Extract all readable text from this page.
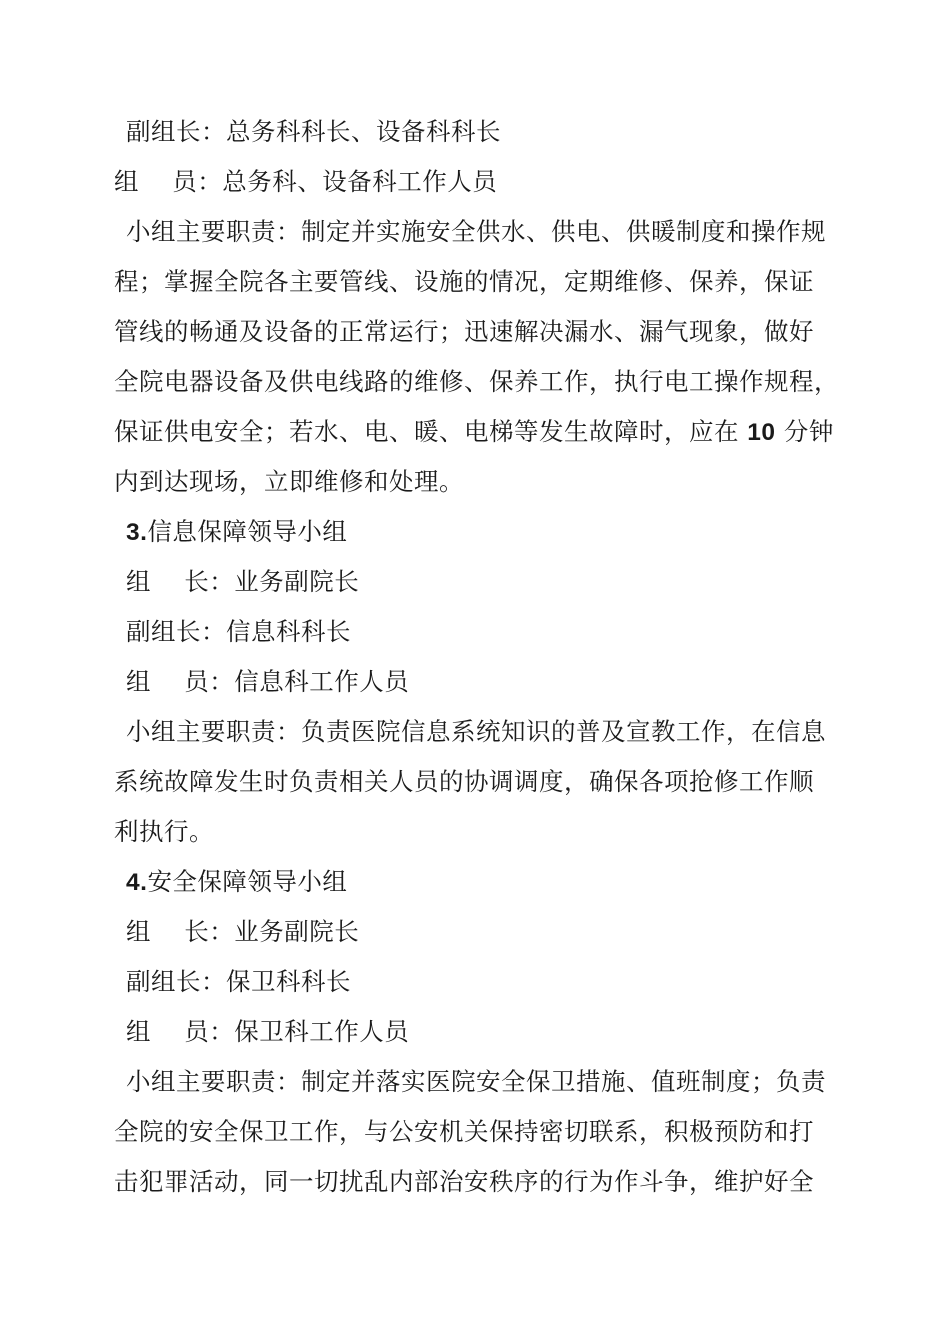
副组长：总务科科长、设备科科长
组　 员：总务科、设备科工作人员
小组主要职责：制定并实施安全供水、供电、供暖制度和操作规
程；掌握全院各主要管线、设施的情况，定期维修、保养，保证
管线的畅通及设备的正常运行；迅速解决漏水、漏气现象，做好
全院电器设备及供电线路的维修、保养工作，执行电工操作规程，
保证供电安全；若水、电、暖、电梯等发生故障时，应在 10 分钟
内到达现场，立即维修和处理。
3.信息保障领导小组
组　 长：业务副院长
副组长：信息科科长
组　 员：信息科工作人员
小组主要职责：负责医院信息系统知识的普及宣教工作，在信息
系统故障发生时负责相关人员的协调调度，确保各项抢修工作顺
利执行。
4.安全保障领导小组
组　 长：业务副院长
副组长：保卫科科长
组　 员：保卫科工作人员
小组主要职责：制定并落实医院安全保卫措施、值班制度；负责
全院的安全保卫工作，与公安机关保持密切联系，积极预防和打
击犯罪活动，同一切扰乱内部治安秩序的行为作斗争，维护好全
